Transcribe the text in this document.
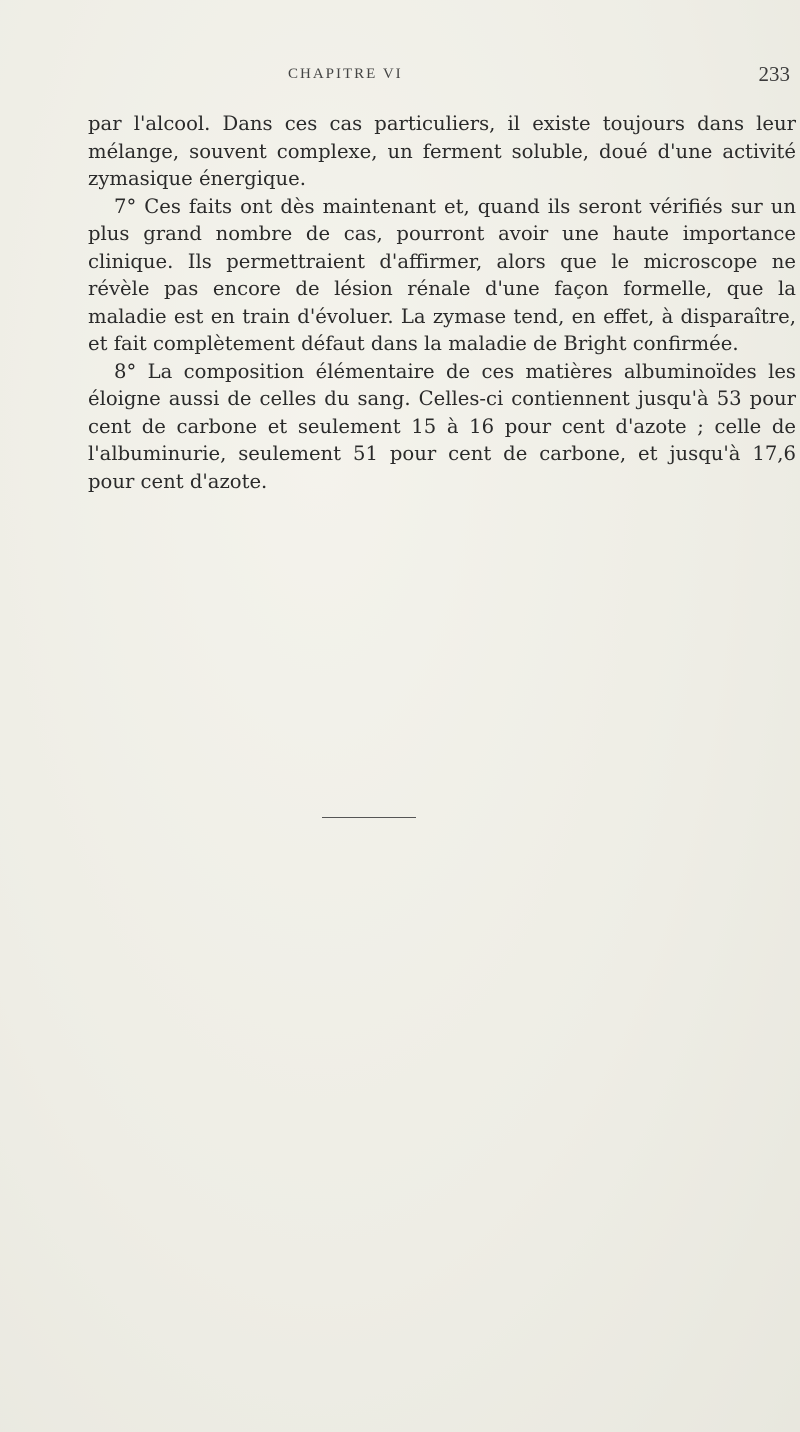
CHAPITRE VI	233

par l'alcool. Dans ces cas particuliers, il existe toujours dans leur mélange, souvent complexe, un ferment soluble, doué d'une activité zymasique énergique.

7° Ces faits ont dès maintenant et, quand ils seront vérifiés sur un plus grand nombre de cas, pourront avoir une haute importance clinique. Ils permettraient d'affirmer, alors que le microscope ne révèle pas encore de lésion rénale d'une façon formelle, que la maladie est en train d'évoluer. La zymase tend, en effet, à disparaître, et fait complètement défaut dans la maladie de Bright confirmée.

8° La composition élémentaire de ces matières albuminoïdes les éloigne aussi de celles du sang. Celles-ci contiennent jusqu'à 53 pour cent de carbone et seulement 15 à 16 pour cent d'azote ; celle de l'albuminurie, seulement 51 pour cent de carbone, et jusqu'à 17,6 pour cent d'azote.
